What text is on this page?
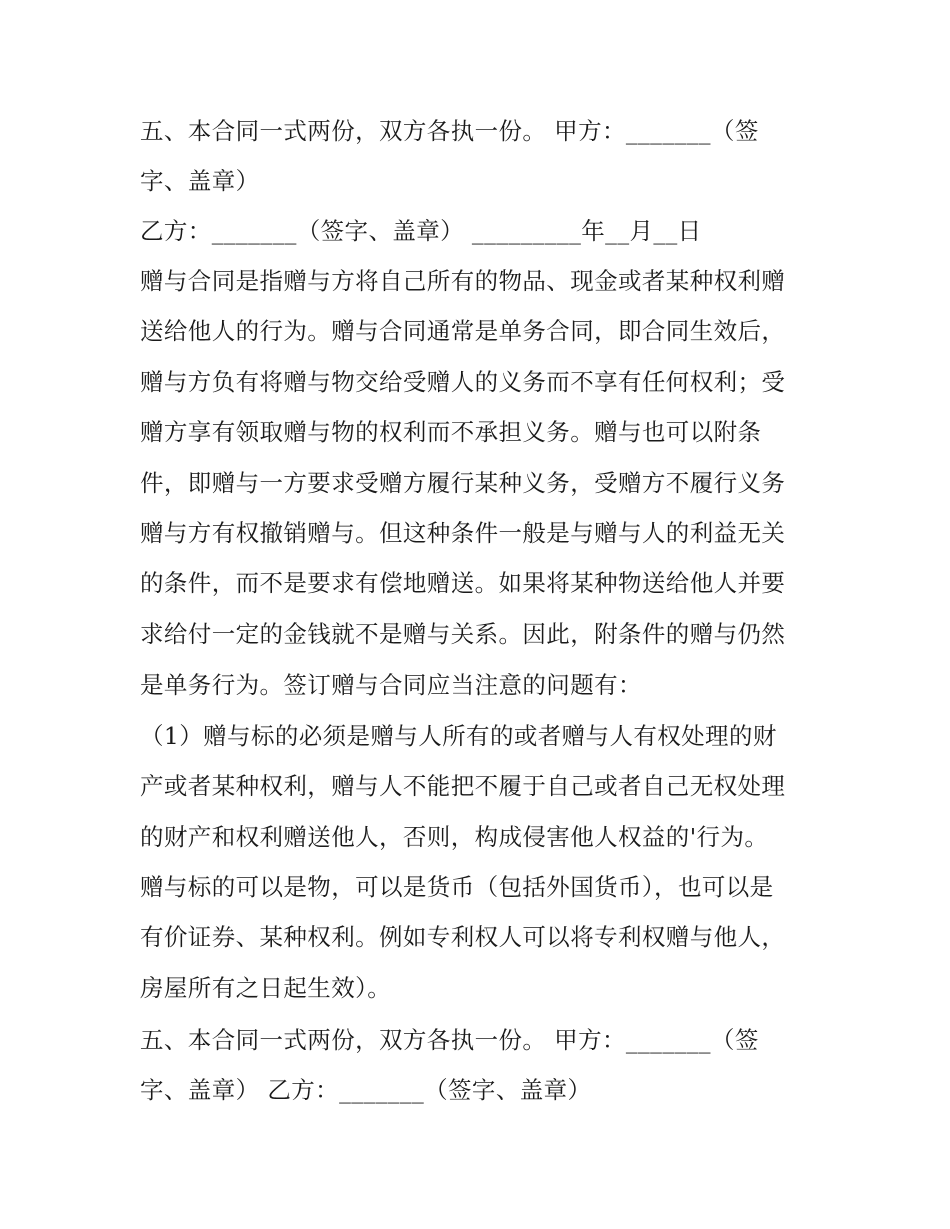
五、本合同一式两份，双方各执一份。 甲方：_______（签
字、盖章）
乙方：_______（签字、盖章） _________年__月__日
赠与合同是指赠与方将自己所有的物品、现金或者某种权利赠
送给他人的行为。赠与合同通常是单务合同，即合同生效后，
赠与方负有将赠与物交给受赠人的义务而不享有任何权利；受
赠方享有领取赠与物的权利而不承担义务。赠与也可以附条
件，即赠与一方要求受赠方履行某种义务，受赠方不履行义务
赠与方有权撤销赠与。但这种条件一般是与赠与人的利益无关
的条件，而不是要求有偿地赠送。如果将某种物送给他人并要
求给付一定的金钱就不是赠与关系。因此，附条件的赠与仍然
是单务行为。签订赠与合同应当注意的问题有：
（1）赠与标的必须是赠与人所有的或者赠与人有权处理的财
产或者某种权利，赠与人不能把不履于自己或者自己无权处理
的财产和权利赠送他人，否则，构成侵害他人权益的'行为。
赠与标的可以是物，可以是货币（包括外国货币），也可以是
有价证券、某种权利。例如专利权人可以将专利权赠与他人，
房屋所有之日起生效）。
五、本合同一式两份，双方各执一份。 甲方：_______（签
字、盖章） 乙方：_______（签字、盖章）
